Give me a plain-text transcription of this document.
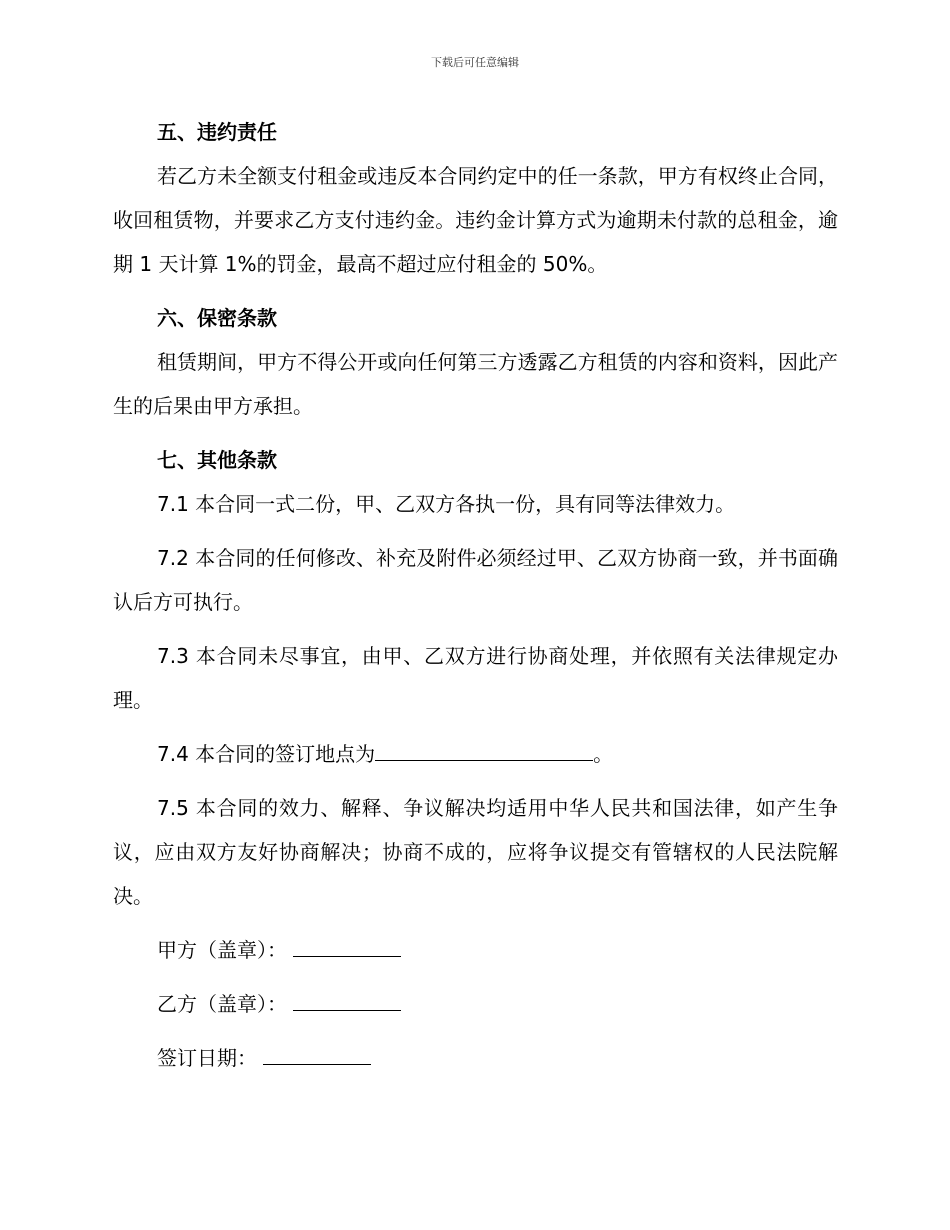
下载后可任意编辑

五、违约责任

若乙方未全额支付租金或违反本合同约定中的任一条款，甲方有权终止合同，收回租赁物，并要求乙方支付违约金。违约金计算方式为逾期未付款的总租金，逾期 1 天计算 1%的罚金，最高不超过应付租金的 50%。

六、保密条款

租赁期间，甲方不得公开或向任何第三方透露乙方租赁的内容和资料，因此产生的后果由甲方承担。

七、其他条款

7.1 本合同一式二份，甲、乙双方各执一份，具有同等法律效力。

7.2 本合同的任何修改、补充及附件必须经过甲、乙双方协商一致，并书面确认后方可执行。

7.3 本合同未尽事宜，由甲、乙双方进行协商处理，并依照有关法律规定办理。

7.4 本合同的签订地点为	。

7.5 本合同的效力、解释、争议解决均适用中华人民共和国法律，如产生争议，应由双方友好协商解决；协商不成的，应将争议提交有管辖权的人民法院解决。

甲方（盖章）：

乙方（盖章）：

签订日期：
